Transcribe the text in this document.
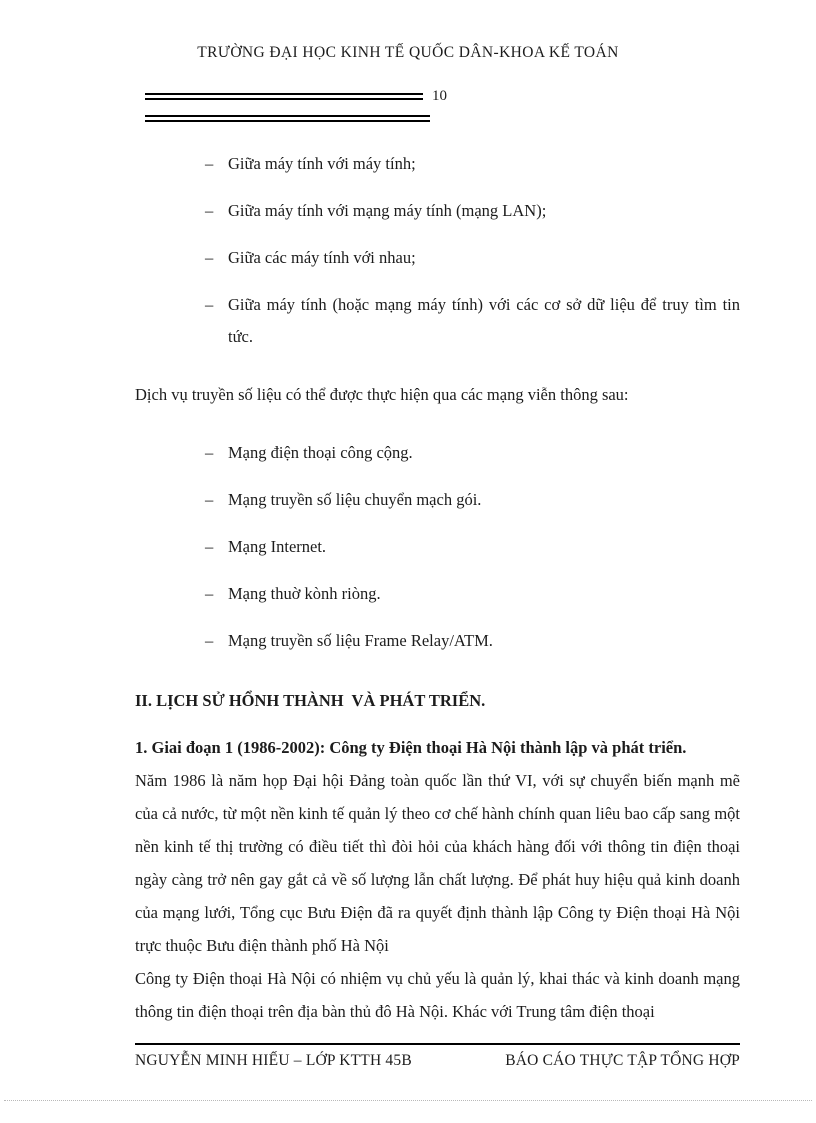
TRƯỜNG ĐẠI HỌC KINH TẾ QUỐC DÂN-KHOA KẾ TOÁN
10
– Giữa máy tính với máy tính;
– Giữa máy tính với mạng máy tính (mạng LAN);
– Giữa các máy tính với nhau;
– Giữa máy tính (hoặc mạng máy tính) với các cơ sở dữ liệu để truy tìm tin tức.

Dịch vụ truyền số liệu có thể được thực hiện qua các mạng viễn thông sau:

– Mạng điện thoại công cộng.
– Mạng truyền số liệu chuyển mạch gói.
– Mạng Internet.
– Mạng thuờ kònh riòng.
– Mạng truyền số liệu Frame Relay/ATM.
II. LỊCH SỬ HỔNH THÀNH  VÀ PHÁT TRIỂN.
1. Giai đoạn 1 (1986-2002): Công ty Điện thoại Hà Nội thành lập và phát triển.

Năm 1986 là năm họp Đại hội Đảng toàn quốc lần thứ VI, với sự chuyển biến mạnh mẽ của cả nước, từ một nền kinh tế quản lý theo cơ chế hành chính quan liêu bao cấp sang một nền kinh tế thị trường có điều tiết thì đòi hỏi của khách hàng đối với thông tin điện thoại ngày càng trở nên gay gắt cả về số lượng lẫn chất lượng. Để phát huy hiệu quả kinh doanh của mạng lưới, Tổng cục Bưu Điện đã ra quyết định thành lập Công ty Điện thoại Hà Nội trực thuộc Bưu điện thành phố Hà Nội

Công ty Điện thoại Hà Nội có nhiệm vụ chủ yếu là quản lý, khai thác và kinh doanh mạng thông tin điện thoại trên địa bàn thủ đô Hà Nội. Khác với Trung tâm điện thoại

NGUYỄN MINH HIẾU – LỚP KTTH 45B	BÁO CÁO THỰC TẬP TỔNG HỢP
